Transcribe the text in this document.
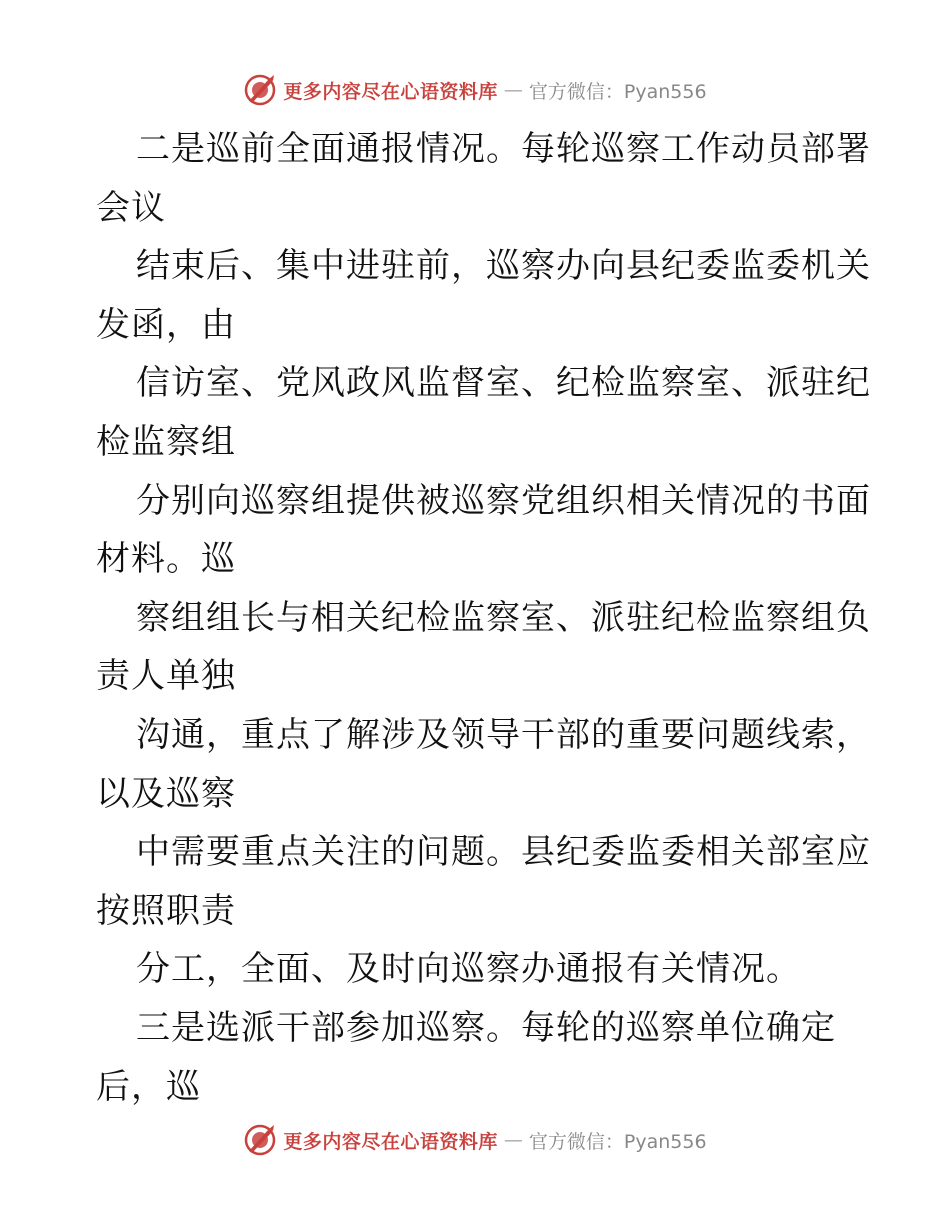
更多内容尽在心语资料库 — 官方微信：Pyan556
二是巡前全面通报情况。每轮巡察工作动员部署
会议
结束后、集中进驻前，巡察办向县纪委监委机关
发函，由
信访室、党风政风监督室、纪检监察室、派驻纪
检监察组
分别向巡察组提供被巡察党组织相关情况的书面
材料。巡
察组组长与相关纪检监察室、派驻纪检监察组负
责人单独
沟通，重点了解涉及领导干部的重要问题线索，
以及巡察
中需要重点关注的问题。县纪委监委相关部室应
按照职责
分工，全面、及时向巡察办通报有关情况。
三是选派干部参加巡察。每轮的巡察单位确定
后，巡
更多内容尽在心语资料库 — 官方微信：Pyan556
